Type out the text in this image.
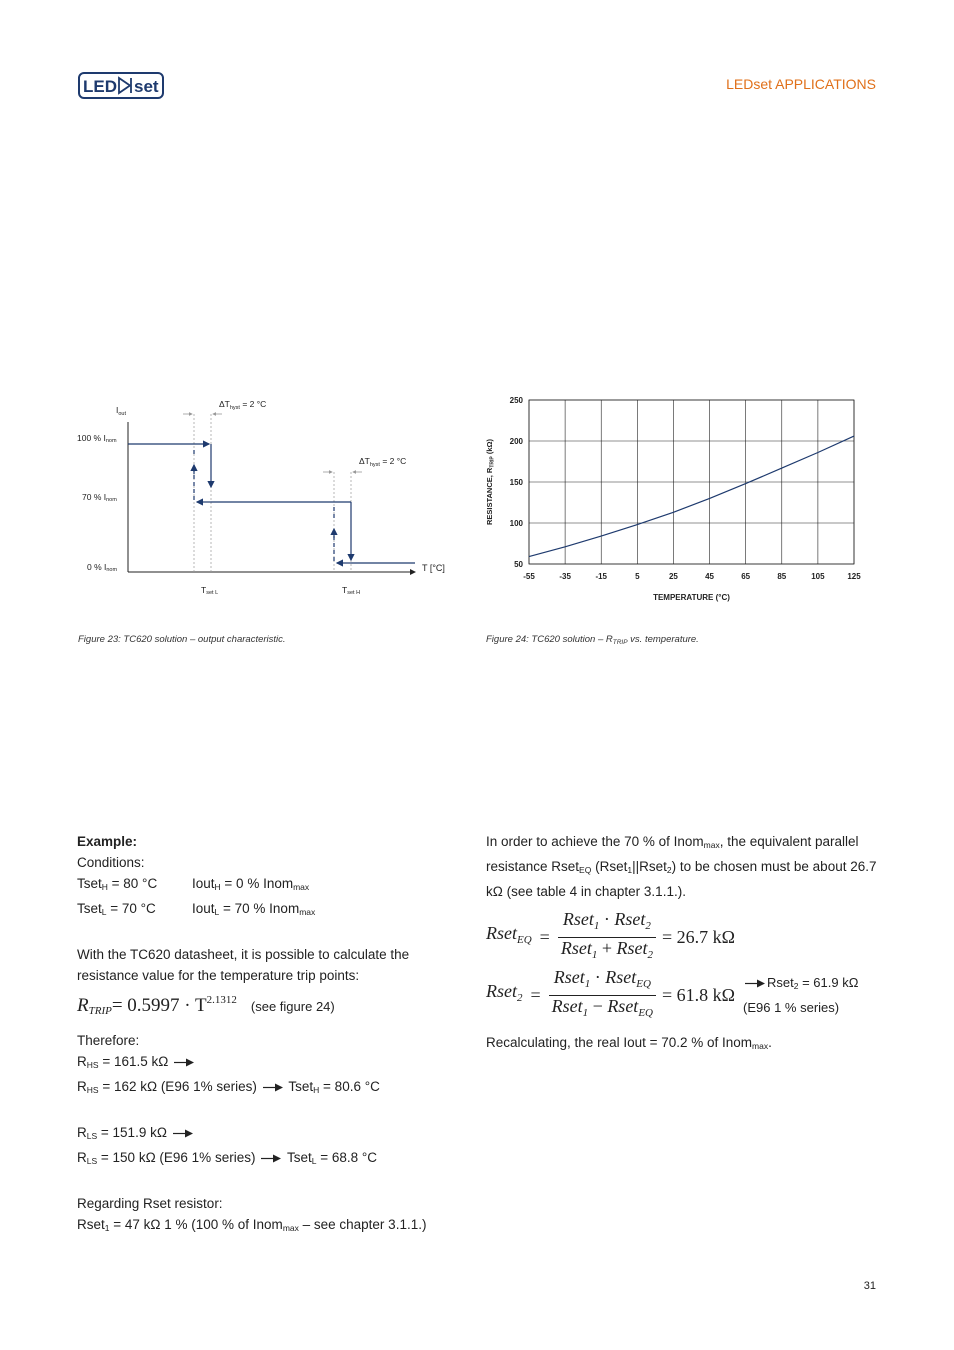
LED set	LEDset APPLICATIONS
$I_{out}$
100 % Inom
70 % Inom
0 % Inom	T [°C]
$\Delta T_{hyst} = 2$ °C
$\Delta T_{hyst} = 2$ °C
Tset L	Tset H
Figure 23: TC620 solution – output characteristic.
-55	-35	-15	5	25	45	65	85	105	125
50
100
150
200
250
TEMPERATURE (°C)
RESISTANCE, $R_{TRIP}$ (kΩ)
Figure 24: TC620 solution – $R_{TRIP}$ vs. temperature.

Example:

Conditions:

Tset$_H$ = 80 °C	Iout$_H$ = 0 % Inom$_{max}$
Tset$_L$ = 70 °C	Iout$_L$ = 70 % Inom$_{max}$

With the TC620 datasheet, it is possible to calculate the resistance value for the temperature trip points:

RTRIP = $0.5997 \cdot T^{2.1312}$ (see figure 24)

Therefore:

$R_{HS} = 161.5$ kΩ

$R_{HS} = 162$ kΩ (E96 1% series) Tset$_H$ = 80.6 °C

$R_{LS} = 151.9$ kΩ

$R_{LS} = 150$ kΩ (E96 1% series) Tset$_L$ = 68.8 °C

Regarding Rset resistor:

Rset$_1$ = 47 kΩ 1 % (100 % of Inom$_{max}$ – see chapter 3.1.1.)

In order to achieve the 70 % of Inom$_{max}$, the equivalent parallel resistance Rset$_{EQ}$ (Rset$_1$||Rset$_2$) to be chosen must be about 26.7 kΩ (see table 4 in chapter 3.1.1.).

Rset$_{EQ}$ =
Rset$_1$ · Rset$_2$
Rset$_1$ + Rset$_2$
= 26.7 kΩ
Rset$_2$ =
Rset$_1$ · Rset$_{EQ}$
Rset$_1$ − Rset$_{EQ}$
= 61.8 kΩ
Rset$_2$ = 61.9 kΩ
(E96 1 % series)

Recalculating, the real Iout = 70.2 % of Inom$_{max}$.

31
